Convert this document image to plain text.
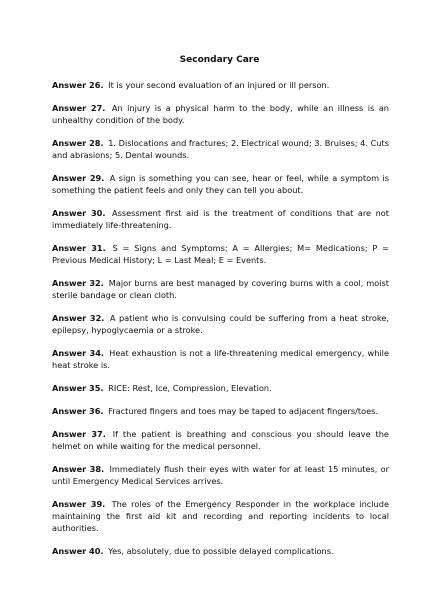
Secondary Care

Answer 26. It is your second evaluation of an injured or ill person.

Answer 27. An injury is a physical harm to the body, while an illness is an unhealthy condition of the body.

Answer 28. 1. Dislocations and fractures; 2. Electrical wound; 3. Bruises; 4. Cuts and abrasions; 5. Dental wounds.

Answer 29. A sign is something you can see, hear or feel, while a symptom is something the patient feels and only they can tell you about.

Answer 30. Assessment first aid is the treatment of conditions that are not immediately life-threatening.

Answer 31. S = Signs and Symptoms; A = Allergies; M= Medications; P = Previous Medical History; L = Last Meal; E = Events.

Answer 32. Major burns are best managed by covering burns with a cool, moist sterile bandage or clean cloth.

Answer 32. A patient who is convulsing could be suffering from a heat stroke, epilepsy, hypoglycaemia or a stroke.

Answer 34. Heat exhaustion is not a life-threatening medical emergency, while heat stroke is.

Answer 35. RICE: Rest, Ice, Compression, Elevation.

Answer 36. Fractured fingers and toes may be taped to adjacent fingers/toes.

Answer 37. If the patient is breathing and conscious you should leave the helmet on while waiting for the medical personnel.

Answer 38. Immediately flush their eyes with water for at least 15 minutes, or until Emergency Medical Services arrives.

Answer 39. The roles of the Emergency Responder in the workplace include maintaining the first aid kit and recording and reporting incidents to local authorities.

Answer 40. Yes, absolutely, due to possible delayed complications.
